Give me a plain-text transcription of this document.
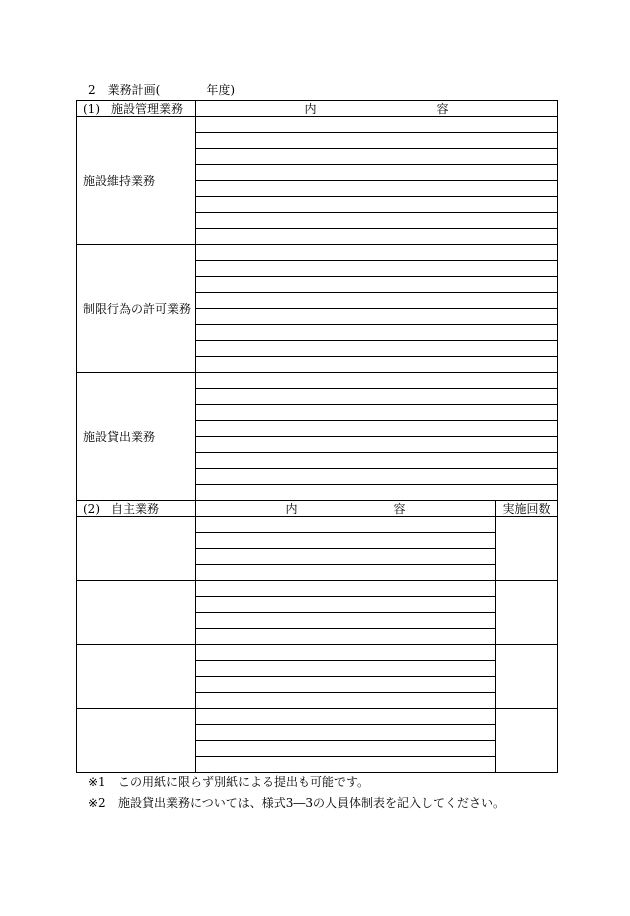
2　 業務計画(	年度)
(1) 施設管理業務	内 容
施設維持業務	

制限行為の許可業務	

施設貸出業務	

(2) 自主業務	内 容	実施回数

※1 この用紙に限らず別紙による提出も可能です。
※2 施設貸出業務については、様式3―3の人員体制表を記入してください。
